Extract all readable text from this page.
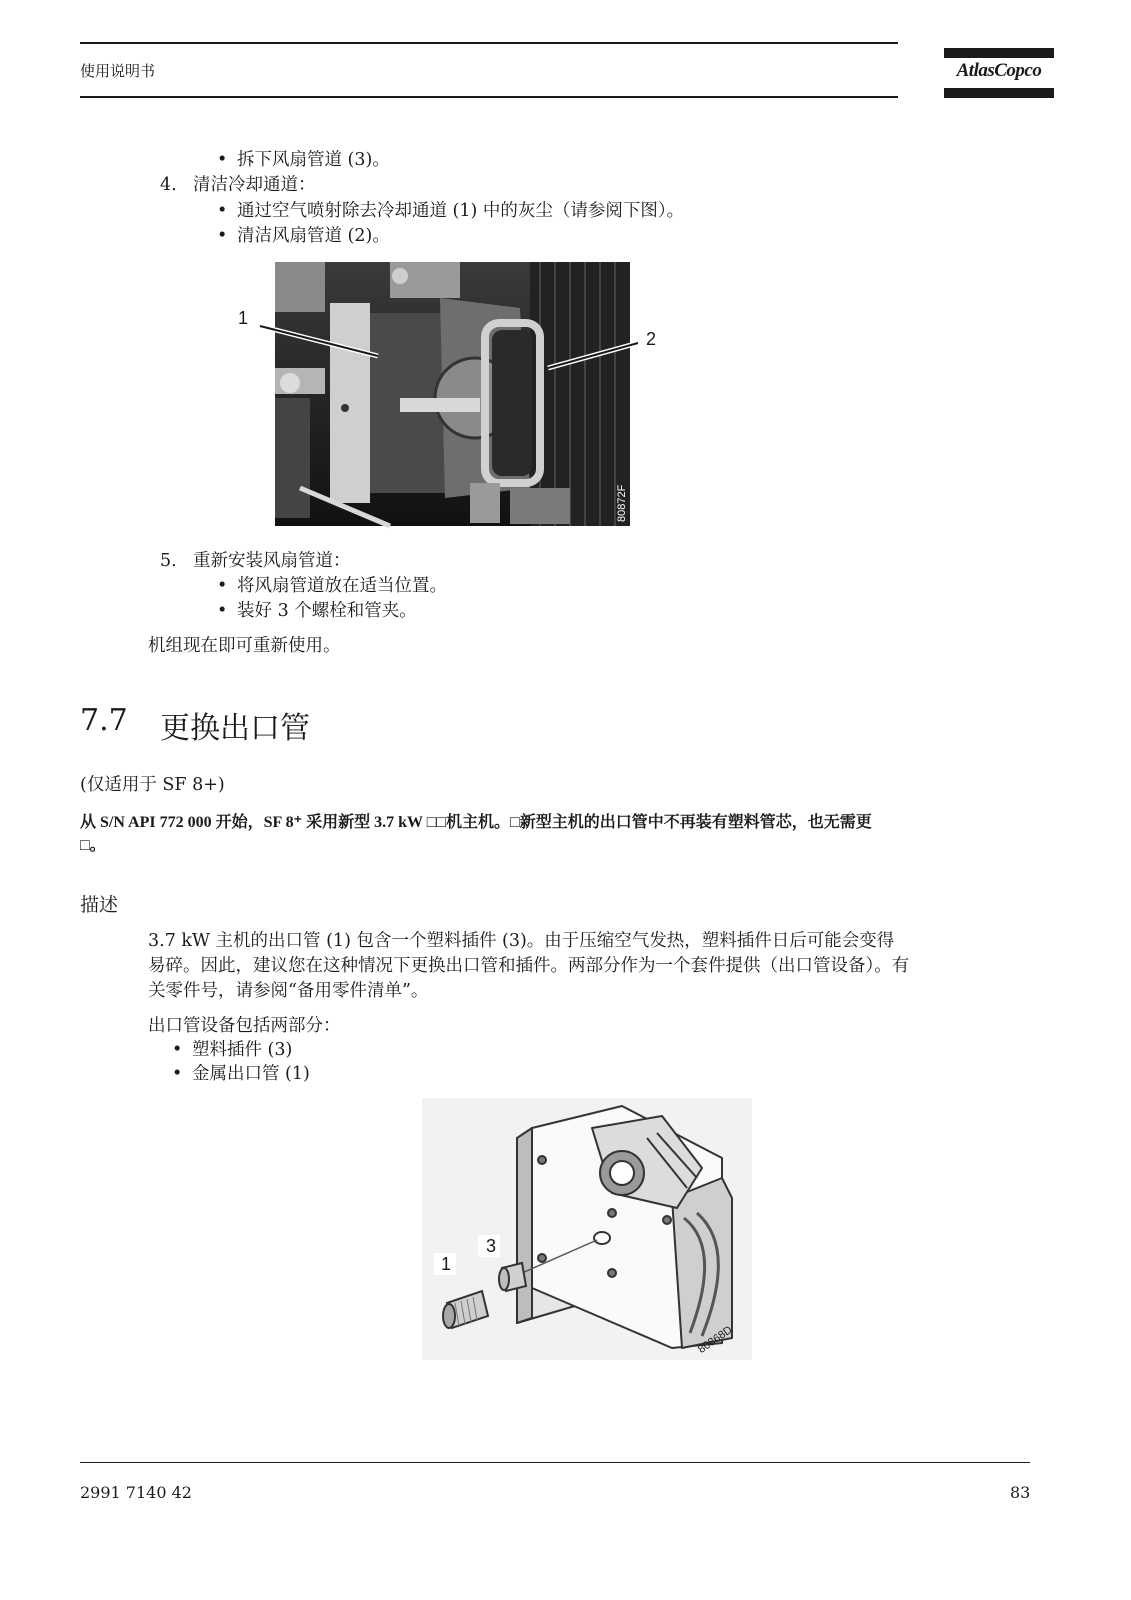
使用说明书	AtlasCopco
• 拆下风扇管道 (3)。
4. 清洁冷却通道：
• 通过空气喷射除去冷却通道 (1) 中的灰尘（请参阅下图）。
• 清洁风扇管道 (2)。
1
2
80872F
5. 重新安装风扇管道：
• 将风扇管道放在适当位置。
• 装好 3 个螺栓和管夹。
机组现在即可重新使用。
7.7 更换出口管
(仅适用于 SF 8+)
从 S/N API 772 000 开始，SF 8⁺ 采用新型 3.7 kW □□机主机。□新型主机的出口管中不再装有塑料管芯，也无需更
□。
描述
3.7 kW 主机的出口管 (1) 包含一个塑料插件 (3)。由于压缩空气发热，塑料插件日后可能会变得
易碎。因此，建议您在这种情况下更换出口管和插件。两部分作为一个套件提供（出口管设备）。有
关零件号，请参阅“备用零件清单”。
出口管设备包括两部分：
• 塑料插件 (3)
• 金属出口管 (1)
1
3
80868D
2991 7140 42	83
